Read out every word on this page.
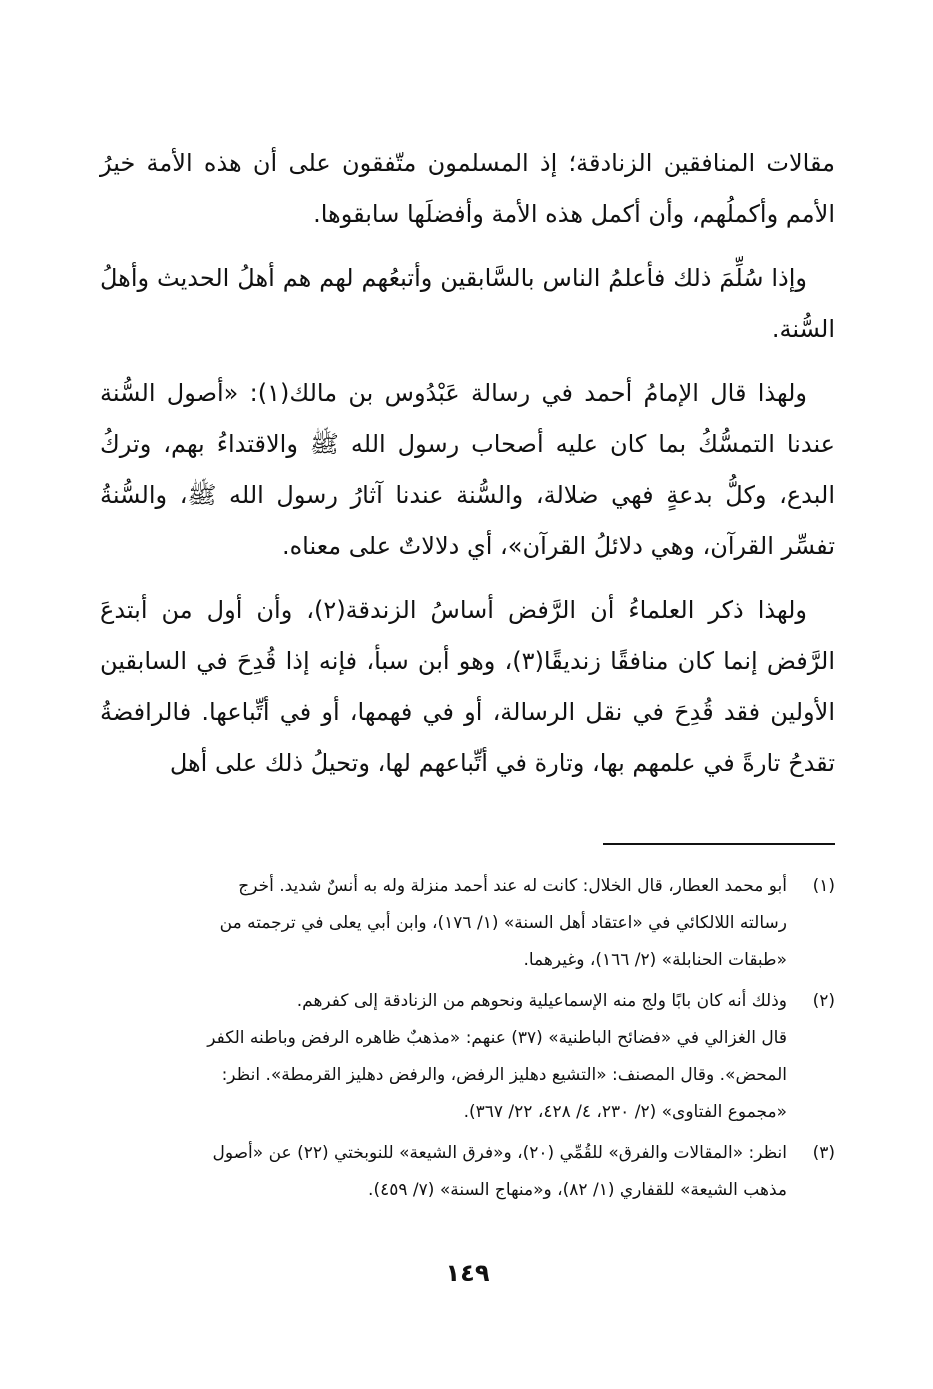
مقالات المنافقين الزنادقة؛ إذ المسلمون متّفقون على أن هذه الأمة خيرُ الأمم وأكملُهم، وأن أكمل هذه الأمة وأفضلَها سابقوها.

وإذا سُلِّمَ ذلك فأعلمُ الناس بالسَّابقين وأتبعُهم لهم هم أهلُ الحديث وأهلُ السُّنة.

ولهذا قال الإمامُ أحمد في رسالة عَبْدُوس بن مالك(١): «أصول السُّنة عندنا التمسُّكُ بما كان عليه أصحاب رسول الله ﷺ والاقتداءُ بهم، وتركُ البدع، وكلُّ بدعةٍ فهي ضلالة، والسُّنة عندنا آثارُ رسول الله ﷺ، والسُّنةُ تفسِّر القرآن، وهي دلائلُ القرآن»، أي دلالاتٌ على معناه.

ولهذا ذكر العلماءُ أن الرَّفض أساسُ الزندقة(٢)، وأن أول من أبتدعَ الرَّفض إنما كان منافقًا زنديقًا(٣)، وهو أبن سبأ، فإنه إذا قُدِحَ في السابقين الأولين فقد قُدِحَ في نقل الرسالة، أو في فهمها، أو في أتِّباعها. فالرافضةُ تقدحُ تارةً في علمهم بها، وتارة في أتِّباعهم لها، وتحيلُ ذلك على أهل

(١)
أبو محمد العطار، قال الخلال: كانت له عند أحمد منزلة وله به أنسٌ شديد. أخرج
رسالته اللالكائي في «اعتقاد أهل السنة» (١/ ١٧٦)، وابن أبي يعلى في ترجمته من
«طبقات الحنابلة» (٢/ ١٦٦)، وغيرهما.
(٢)
وذلك أنه كان بابًا ولج منه الإسماعيلية ونحوهم من الزنادقة إلى كفرهم.
قال الغزالي في «فضائح الباطنية» (٣٧) عنهم: «مذهبٌ ظاهره الرفض وباطنه الكفر
المحض». وقال المصنف: «التشيع دهليز الرفض، والرفض دهليز القرمطة». انظر:
«مجموع الفتاوى» (٢/ ٢٣٠، ٤/ ٤٢٨، ٢٢/ ٣٦٧).
(٣)
انظر: «المقالات والفرق» للقُمِّي (٢٠)، و«فرق الشيعة» للنوبختي (٢٢) عن «أصول
مذهب الشيعة» للقفاري (١/ ٨٢)، و«منهاج السنة» (٧/ ٤٥٩).
١٤٩
